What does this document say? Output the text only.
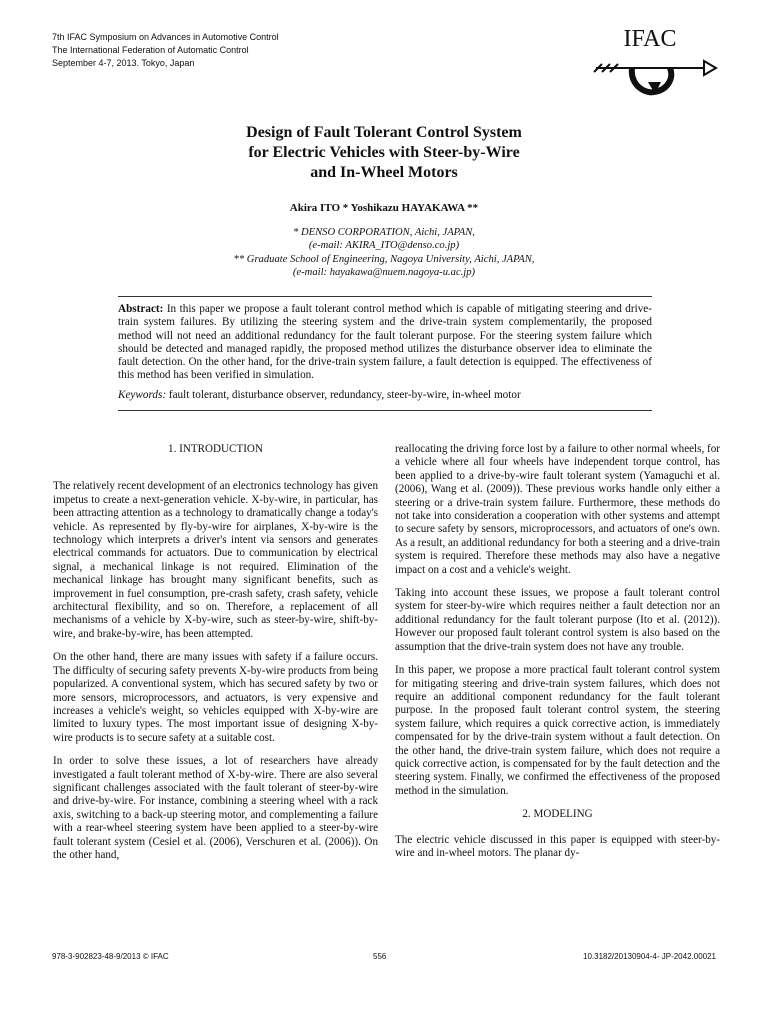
7th IFAC Symposium on Advances in Automotive Control
The International Federation of Automatic Control
September 4-7, 2013. Tokyo, Japan
IFAC
Design of Fault Tolerant Control System
for Electric Vehicles with Steer-by-Wire
and In-Wheel Motors
Akira ITO * Yoshikazu HAYAKAWA **
* DENSO CORPORATION, Aichi, JAPAN,
(e-mail: AKIRA_ITO@denso.co.jp)
** Graduate School of Engineering, Nagoya University, Aichi, JAPAN,
(e-mail: hayakawa@nuem.nagoya-u.ac.jp)

Abstract: In this paper we propose a fault tolerant control method which is capable of mitigating steering and drive-train system failures. By utilizing the steering system and the drive-train system complementarily, the proposed method will not need an additional redundancy for the fault tolerant purpose. For the steering system failure which should be detected and managed rapidly, the proposed method utilizes the disturbance observer idea to eliminate the fault detection. On the other hand, for the drive-train system failure, a fault detection is equipped. The effectiveness of this method has been verified in simulation.

Keywords: fault tolerant, disturbance observer, redundancy, steer-by-wire, in-wheel motor

1. INTRODUCTION

The relatively recent development of an electronics technology has given impetus to create a next-generation vehicle. X-by-wire, in particular, has been attracting attention as a technology to dramatically change a today's vehicle. As represented by fly-by-wire for airplanes, X-by-wire is the technology which interprets a driver's intent via sensors and generates electrical commands for actuators. Due to communication by electrical signal, a mechanical linkage is not required. Elimination of the mechanical linkage has brought many significant benefits, such as improvement in fuel consumption, pre-crash safety, crash safety, vehicle architectural flexibility, and so on. Therefore, a replacement of all mechanisms of a vehicle by X-by-wire, such as steer-by-wire, shift-by-wire, and brake-by-wire, has been attempted.

On the other hand, there are many issues with safety if a failure occurs. The difficulty of securing safety prevents X-by-wire products from being popularized. A conventional system, which has secured safety by two or more sensors, microprocessors, and actuators, is very expensive and increases a vehicle's weight, so vehicles equipped with X-by-wire are limited to luxury types. The most important issue of designing X-by-wire products is to secure safety at a suitable cost.

In order to solve these issues, a lot of researchers have already investigated a fault tolerant method of X-by-wire. There are also several significant challenges associated with the fault tolerant of steer-by-wire and drive-by-wire. For instance, combining a steering wheel with a rack axis, switching to a back-up steering motor, and complementing a failure with a rear-wheel steering system have been applied to a steer-by-wire fault tolerant system (Cesiel et al. (2006), Verschuren et al. (2006)). On the other hand,

reallocating the driving force lost by a failure to other normal wheels, for a vehicle where all four wheels have independent torque control, has been applied to a drive-by-wire fault tolerant system (Yamaguchi et al. (2006), Wang et al. (2009)). These previous works handle only either a steering or a drive-train system failure. Furthermore, these methods do not take into consideration a cooperation with other systems and attempt to secure safety by sensors, microprocessors, and actuators of one's own. As a result, an additional redundancy for both a steering and a drive-train system is required. Therefore these methods may also have a negative impact on a cost and a vehicle's weight.

Taking into account these issues, we propose a fault tolerant control system for steer-by-wire which requires neither a fault detection nor an additional redundancy for the fault tolerant purpose (Ito et al. (2012)). However our proposed fault tolerant control system is also based on the assumption that the drive-train system does not have any trouble.

In this paper, we propose a more practical fault tolerant control system for mitigating steering and drive-train system failures, which does not require an additional component redundancy for the fault tolerant purpose. In the proposed fault tolerant control system, the steering system failure, which requires a quick corrective action, is immediately compensated for by the drive-train system without a fault detection. On the other hand, the drive-train system failure, which does not require a quick corrective action, is compensated for by the fault detection and the steering system. Finally, we confirmed the effectiveness of the proposed method in the simulation.

2. MODELING

The electric vehicle discussed in this paper is equipped with steer-by-wire and in-wheel motors. The planar dy-

978-3-902823-48-9/2013 © IFAC	556	10.3182/20130904-4- JP-2042.00021
